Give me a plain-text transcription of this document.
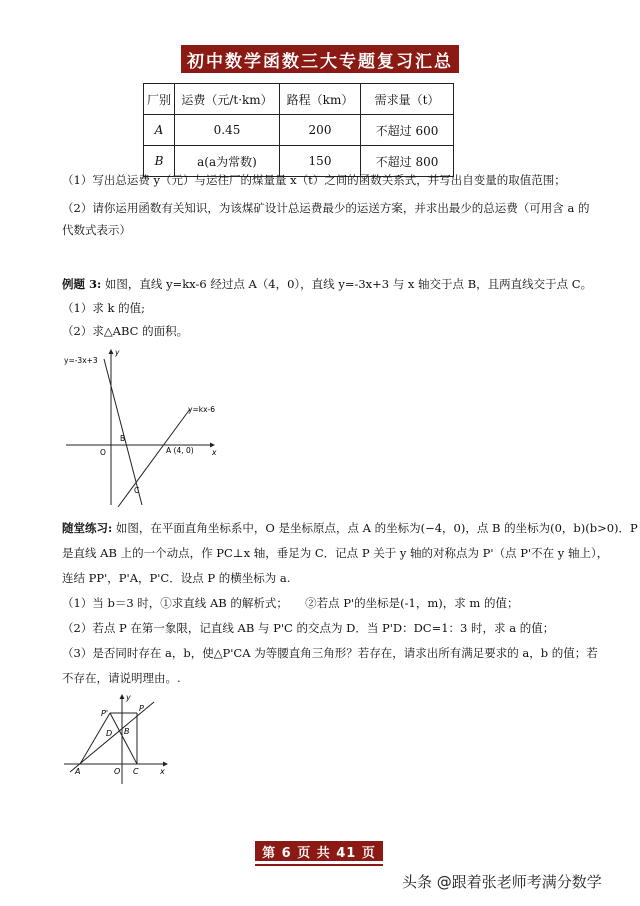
初中数学函数三大专题复习汇总
厂别	运费（元/t·km）	路程（km）	需求量（t）
A	0.45	200	不超过 600
B	a(a为常数)	150	不超过 800
（1）写出总运费 y（元）与运往厂的煤量量 x（t）之间的函数关系式，并写出自变量的取值范围；
（2）请你运用函数有关知识，为该煤矿设计总运费最少的运送方案，并求出最少的总运费（可用含 a 的
代数式表示）
例题 3: 如图，直线 y=kx-6 经过点 A（4，0），直线 y=-3x+3 与 x 轴交于点 B，且两直线交于点 C。
（1）求 k 的值;
（2）求△ABC 的面积。
y=-3x+3
y=kx-6
y
x
O
B
A (4, 0)
C
随堂练习: 如图，在平面直角坐标系中，O 是坐标原点，点 A 的坐标为(−4，0)，点 B 的坐标为(0，b)(b>0)．P
是直线 AB 上的一个动点，作 PC⊥x 轴，垂足为 C．记点 P 关于 y 轴的对称点为 P'（点 P'不在 y 轴上），
连结 PP'，P'A，P'C．设点 P 的横坐标为 a.
（1）当 b＝3 时，①求直线 AB 的解析式；　　②若点 P'的坐标是(-1，m)，求 m 的值；
（2）若点 P 在第一象限，记直线 AB 与 P'C 的交点为 D．当 P'D：DC=1：3 时，求 a 的值；
（3）是否同时存在 a，b，使△P'CA 为等腰直角三角形？若存在，请求出所有满足要求的 a，b 的值；若
不存在，请说明理由。.
y
x
A	O C
D B
P'
P
第 6 页 共 41 页
头条 @跟着张老师考满分数学
